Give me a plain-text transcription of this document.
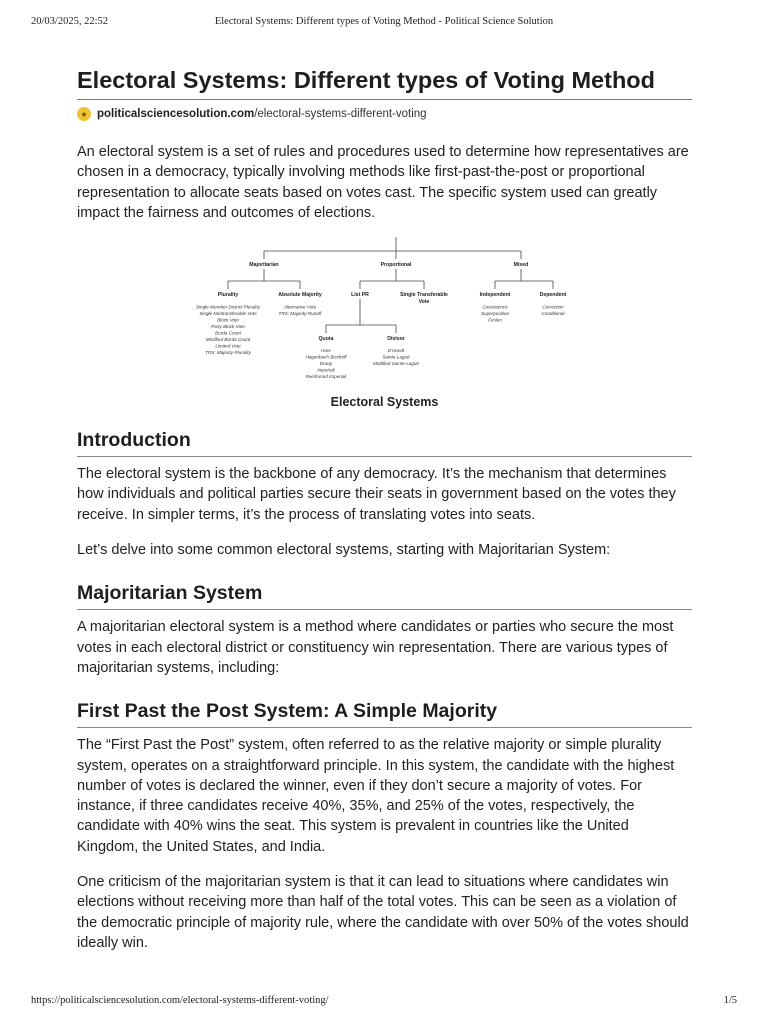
20/03/2025, 22:52	Electoral Systems: Different types of Voting Method - Political Science Solution
Electoral Systems: Different types of Voting Method
● politicalsciencesolution.com /electoral-systems-different-voting

An electoral system is a set of rules and procedures used to determine how representatives are chosen in a democracy, typically involving methods like first-past-the-post or proportional representation to allocate seats based on votes cast. The specific system used can greatly impact the fairness and outcomes of elections.

Majoritarian	Proportional	Mixed
Plurality	Absolute Majority	List PR	Single Transferable
Vote
Independent	Dependent
Quota	Divisor
Single-Member District Plurality
Single Nontransferable Vote
Block Vote
Party Block Vote
Borda Count
Modified Borda Count
Limited Vote
TRS: Majority-Plurality
Alternative Vote
TRS: Majority-Runoff
Coexistence
Superposition
Fusion
Correction
Conditional
Hare
Hagenbach Bischoff
Droop
Imperiali
Reinforced Imperiali
D'Hondt
Sainte-Laguë
Modified Sainte-Laguë
Electoral Systems
Introduction

The electoral system is the backbone of any democracy. It’s the mechanism that determines how individuals and political parties secure their seats in government based on the votes they receive. In simpler terms, it’s the process of translating votes into seats.

Let’s delve into some common electoral systems, starting with Majoritarian System:

Majoritarian System

A majoritarian electoral system is a method where candidates or parties who secure the most votes in each electoral district or constituency win representation. There are various types of majoritarian systems, including:

First Past the Post System: A Simple Majority

The “First Past the Post” system, often referred to as the relative majority or simple plurality system, operates on a straightforward principle. In this system, the candidate with the highest number of votes is declared the winner, even if they don’t secure a majority of votes. For instance, if three candidates receive 40%, 35%, and 25% of the votes, respectively, the candidate with 40% wins the seat. This system is prevalent in countries like the United Kingdom, the United States, and India.

One criticism of the majoritarian system is that it can lead to situations where candidates win elections without receiving more than half of the total votes. This can be seen as a violation of the democratic principle of majority rule, where the candidate with over 50% of the votes should ideally win.

https://politicalsciencesolution.com/electoral-systems-different-voting/	1/5
